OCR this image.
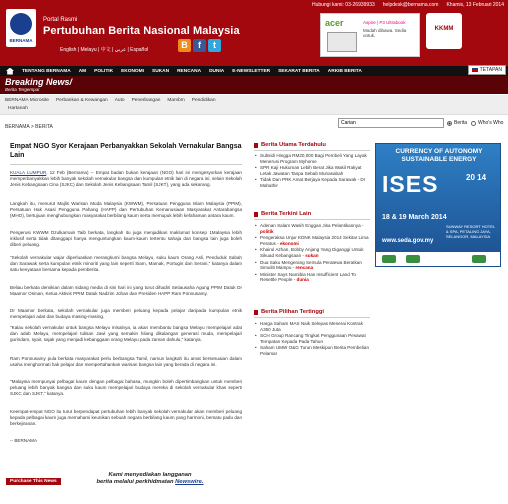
Hubungi kami: 03-26939933 helpdesk@bernama.com Khamis, 13 Februari 2014
BERNAMA
Portal Rasmi
Pertubuhan Berita Nasional Malaysia
English | Melayu | 中文 | عربي | Español	B	f	t
acer	Aspire | P3 Ultrabook
Mudah dibawa. Sedia untuk.
KKMM
TENTANG BERNAMA AM POLITIK EKONOMI SUKAN RENCANA DUNIA E-NEWSLETTER SEKARAT BERITA ARKIB BERITA	TETAPAN
Breaking News/
Berita Tergempar
BERNAMA Microsite Perbankan & Kewangan Auto Penerbangan Mambm Pendidikan
Hartanah
BERNAMA > BERITA
Carian
Berita Who's Who
Empat NGO Syor Kerajaan Perbanyakkan Sekolah Vernakular Bangsa Lain
KUALA LUMPUR, 12 Feb (Bernama) -- Empat badan bukan kerajaan (NGO) hari ini mengesyorkan kerajaan memperbanyakkan lebih banyak sekolah vernakular bangsa dan kumpulan etnik lain di negara ini, selain Sekolah Jenis Kebangsaan Cina (SJKC) dan Sekolah Jenis Kebangsaan Tamil (SJKT), yang ada sekarang.
Langkah itu, menurut Majlis Warisan Muda Malaysia (KWWM), Persatuan Pengguna Islam Malaysia (PPIM), Persatuan Hak Asasi Pengguna Pahang (HAPP) dan Pertubuhan Kemanusiaan Masyarakat Antarabangsa (MHO), bertujuan menghubungkan masyarakat berbilang kaum serta memupuk lebih kefahaman antara kaum.
Pengerusi KWWM Dzulkarnain Taib berkata, langkah itu juga menjadikan maklumat konsep 1Malaysia lebih inklusif serta tidak ditanggapi hanya menguntungkan kaum-kaum tertentu sahaja dan bangsa lain juga boleh diberi peluang.
"Sekolah vernakular wajar diperluaskan merangkumi bangsa Melayu, suku kaum Orang Asli, Penduduk Sabah dan Sarawak serta kumpulan etnik minoriti yang lain seperti Siam, Mamak, Portugis dan Serani," katanya dalam satu kenyataan bersama kepada pemberita.
Beliau berkata demikian dalam sidang media di sini hari ini yang turut dihadiri Setiausaha Agung PPIM Datuk Dr Maamor Osman, Ketua Aktivis PPIM Datuk Nadzim Johan dan Presiden HAPP Ram Ponnusamy.
Dr Maamor berkata, sekolah vernakular juga memberi peluang kepada pelajar daripada kumpulan etnik mempelajari adat dan budaya masing-masing.
"Kalau sekolah vernakular untuk bangsa Melayu misalnya, ia akan membantu bangsa Melayu mempelajari adat dan adab Melayu, mempelajari tulisan Jawi yang semakin hilang dikalangan generasi muda, mempelajari gurindam, syair, sajak yang menjadi kebanggaan orang Melayu pada zaman dahulu," katanya.
Ram Ponnusamy pula berkata masyarakat perlu berbangsa Tamil, namun langkah itu amat bersesuaian dalam usaha menghormati hak pelajar dan mempertahankan warisan bangsa lain yang berada di negara ini.
"Malaysia mempunyai pelbagai kaum dengan pelbagai bahasa, mungkin boleh dipertimbangkan untuk memberi peluang lebih banyak bangsa dan suku kaum mempelajari budaya mereka di sekolah vernakular khas seperti SJKC dan SJKT," katanya.
Keempat-empat NGO itu turut berpendapat pertubuhan lebih banyak sekolah vernakular akan memberi peluang kepada pelbagai kaum juga memahami keunikan sebuah negara berbilang kaum yang harmoni, bersatu padu dan berkejiranan.
-- BERNAMA
Purchase This News
Kami menyediakan langganan
berita melalui perkhidmatan Newswire.
Berita Utama Terdahulu
• Subsidi Hingga RM20,000 Bagi Pembeli Yang Layak Menerusi Program Myhome
• SPR Kaji Hukuman Lebih Berat Jika Wakil Rakyat Letak Jawatan Tanpa Sebab Munasabah
• Tidak Dan PRK Amat Berjaya Kepada Sarawak - Dr Mahathir
Berita Terkini Lain
• Adenan Salam Wasih Enggan Jisa Pelantikannya - politik
• Pengeraksa Unjur KDNK Malaysia 2014 Sekitar Lima Peratus - ekonomi
• Khairul Azhan, Bobby Anjang Yang Diganggi Untuk Sikuad Kebangsaan - sukan
• Dua Saku Mengerang Semula Peratewa Beratkan Simuliti Mampu - rencana
• Minister Says Namibia Has Insufficient Land To Resettle People - dunia
Berita Pilihan Tertinggi
• Harga Saham MAS Naik Selepas Menerai Kontrak A350 Juta
• SCH Group Rancang Tingkat Penggunaan Pesawat Tempatan Kepada Pada Tahun
• Saham UMW O&G Turun Meskipun Berita Pembelian Pelamar
CURRENCY OF AUTONOMY
SUSTAINABLE ENERGY
ISES	20 14
18 & 19 March 2014
SUNWAY RESORT HOTEL & SPA, PETALING JAYA, SELANGOR, MALAYSIA
www.seda.gov.my
